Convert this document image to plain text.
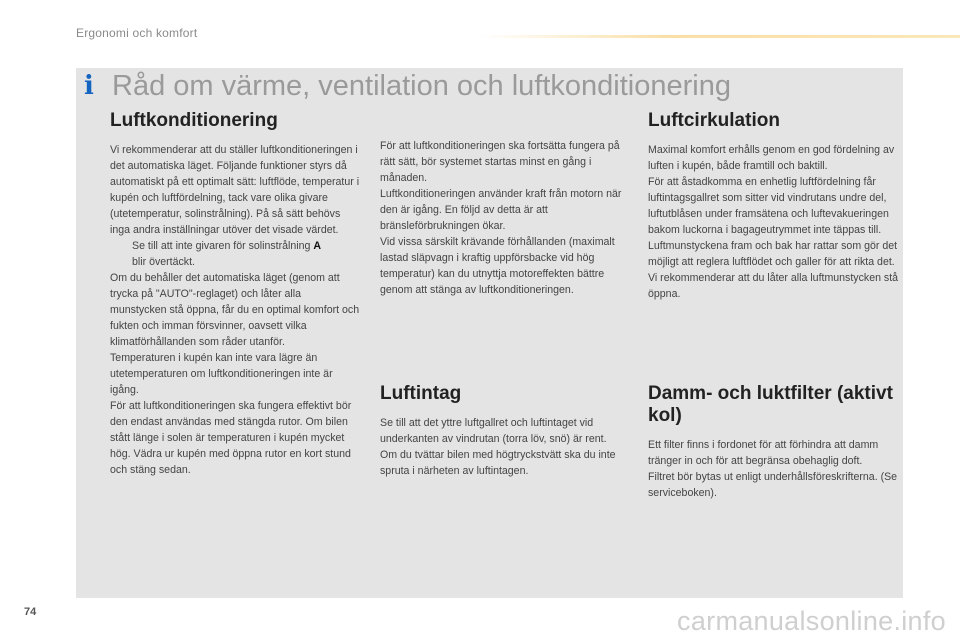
Ergonomi och komfort
i Råd om värme, ventilation och luftkonditionering
Luftkonditionering

Vi rekommenderar att du ställer luftkonditioneringen i det automatiska läget. Följande funktioner styrs då automatiskt på ett optimalt sätt: luftflöde, temperatur i kupén och luftfördelning, tack vare olika givare (utetemperatur, solinstrålning). På så sätt behövs inga andra inställningar utöver det visade värdet.

Se till att inte givaren för solinstrålning A
blir övertäckt.

Om du behåller det automatiska läget (genom att trycka på "AUTO"-reglaget) och låter alla munstycken stå öppna, får du en optimal komfort och fukten och imman försvinner, oavsett vilka klimatförhållanden som råder utanför.

Temperaturen i kupén kan inte vara lägre än utetemperaturen om luftkonditioneringen inte är igång.

För att luftkonditioneringen ska fungera effektivt bör den endast användas med stängda rutor. Om bilen stått länge i solen är temperaturen i kupén mycket hög. Vädra ur kupén med öppna rutor en kort stund och stäng sedan.

För att luftkonditioneringen ska fortsätta fungera på rätt sätt, bör systemet startas minst en gång i månaden.

Luftkonditioneringen använder kraft från motorn när den är igång. En följd av detta är att bränsleförbrukningen ökar.

Vid vissa särskilt krävande förhållanden (maximalt lastad släpvagn i kraftig uppförsbacke vid hög temperatur) kan du utnyttja motoreffekten bättre genom att stänga av luftkonditioneringen.

Luftintag

Se till att det yttre luftgallret och luftintaget vid underkanten av vindrutan (torra löv, snö) är rent.

Om du tvättar bilen med högtryckstvätt ska du inte spruta i närheten av luftintagen.

Luftcirkulation

Maximal komfort erhålls genom en god fördelning av luften i kupén, både framtill och baktill.

För att åstadkomma en enhetlig luftfördelning får luftintagsgallret som sitter vid vindrutans undre del, luftutblåsen under framsätena och luftevakueringen bakom luckorna i bagageutrymmet inte täppas till. Luftmunstyckena fram och bak har rattar som gör det möjligt att reglera luftflödet och galler för att rikta det. Vi rekommenderar att du låter alla luftmunstycken stå öppna.

Damm- och luktfilter (aktivt kol)

Ett filter finns i fordonet för att förhindra att damm tränger in och för att begränsa obehaglig doft.

Filtret bör bytas ut enligt underhållsföreskrifterna. (Se serviceboken).

74	carmanualsonline.info
